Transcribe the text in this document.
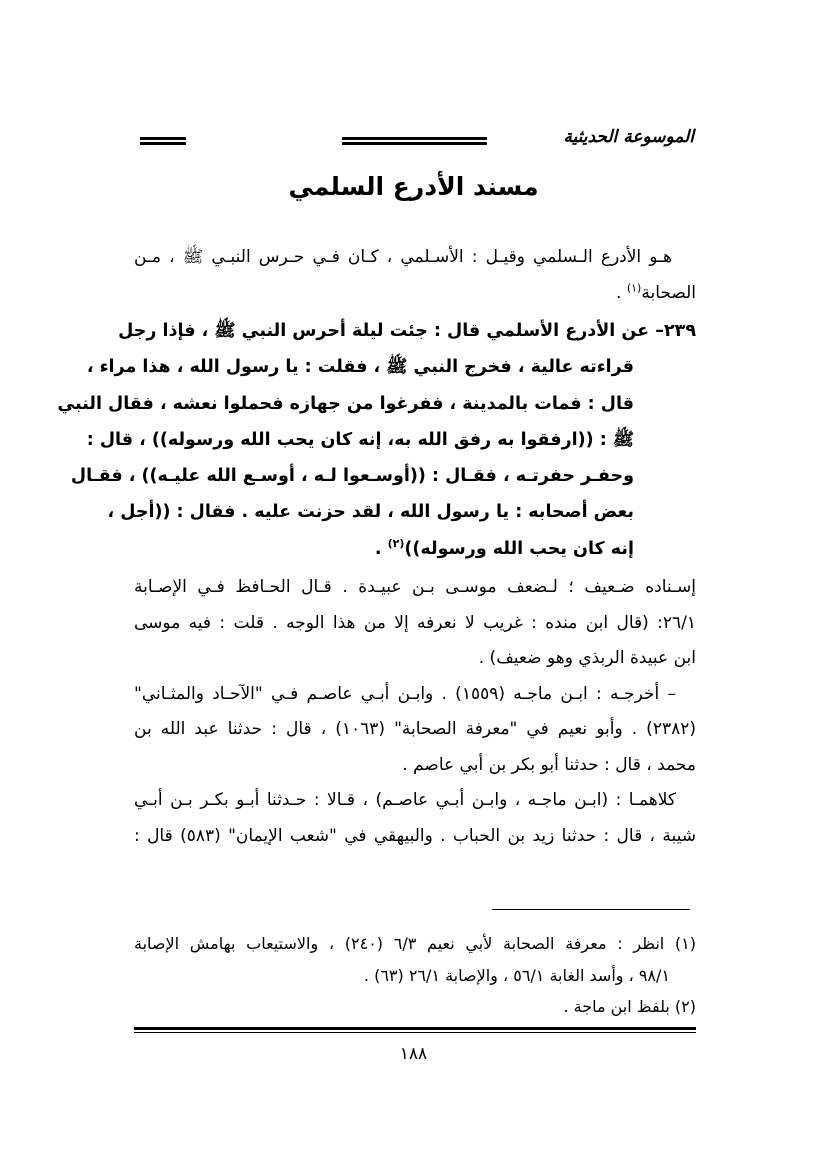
الموسوعة الحديثية
مسند الأدرع السلمي
هـو الأدرع الـسلمي وقيـل : الأسـلمي ، كـان فـي حـرس النبـي ﷺ ، مـن
الصحابة$^{(١)}$ .
٢٣٩– عن الأدرع الأسلمي قال : جئت ليلة أحرس النبي ﷺ ، فإذا رجل
قراءته عالية ، فخرج النبي ﷺ ، فقلت : يا رسول الله ، هذا مراء ،
قال : فمات بالمدينة ، ففرغوا من جهازه فحملوا نعشه ، فقال النبي
ﷺ : ((ارفقوا به رفق الله به، إنه كان يحب الله ورسوله)) ، قال :
وحفـر حفرتـه ، فقـال : ((أوسـعوا لـه ، أوسـع الله عليـه)) ، فقـال
بعض أصحابه : يا رسول الله ، لقد حزنت عليه . فقال : ((أجل ،
إنه كان يحب الله ورسوله))$^{(٢)}$ .
إسـناده ضـعيف ؛ لـضعف موسـى بـن عبيـدة . قـال الحـافظ فـي الإصـابة
٢٦/١: (قال ابن منده : غريب لا نعرفه إلا من هذا الوجه . قلت : فيه موسى
ابن عبيدة الربذي وهو ضعيف) .
– أخرجـه : ابـن ماجـه (١٥٥٩) . وابـن أبـي عاصـم فـي "الآحـاد والمثـاني"
(٢٣٨٢) . وأبو نعيم في "معرفة الصحابة" (١٠٦٣) ، قال : حدثنا عبد الله بن
محمد ، قال : حدثنا أبو بكر بن أبي عاصم .
كلاهمـا : (ابـن ماجـه ، وابـن أبـي عاصـم) ، قـالا : حـدثنا أبـو بكـر بـن أبـي
شيبة ، قال : حدثنا زيد بن الحباب . والبيهقي في "شعب الإيمان" (٥٨٣) قال :
(١) انظر : معرفة الصحابة لأبي نعيم ٦/٣ (٢٤٠) ، والاستيعاب بهامش الإصابة
٩٨/١ ، وأسد الغابة ٥٦/١ ، والإصابة ٢٦/١ (٦٣) .
(٢) بلفظ ابن ماجة .
١٨٨
